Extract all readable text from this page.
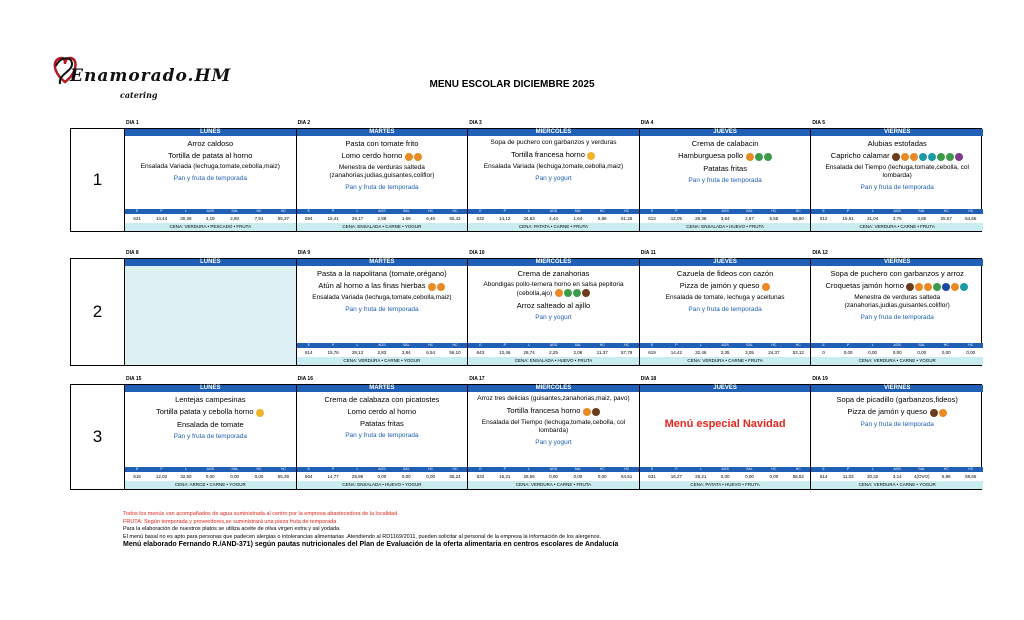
Enamorado.HM
catering
MENU ESCOLAR DICIEMBRE 2025
DIA 1	DIA 2	DIA 3	DIA 4	DIA 5
1
LUNES
Arroz caldoso
Tortilla de patata al horno
Ensalada Variada (lechuga,tomate,cebolla,maiz)
Pan y fruta de temporada
E	P	L	AGS	SAL	HC	HC
621	14,44	30,39	3,19	2,80	7,91	55,37
CENA: VERDURA • PESCADO • FRUTA
MARTES
Pasta con tomate frito
Lomo cerdo horno
Menestra de verduras salteda (zanahorias,judias,guisantes,coliflor)
Pan y fruta de temporada
E	P	L	AGS	SAL	HC	HC
594	15,41	29,17	2,88	1,69	6,46	55,42
CENA: ENSALADA • CARNE • YOGUR
MIERCOLES
Sopa de puchero con garbanzos y verduras
Tortilla francesa horno
Ensalada Variada (lechuga,tomate,cebolla,maiz)
Pan y yogurt
E	P	L	AGS	SAL	HC	HC
632	14,12	34,63	4,44	1,64	6,86	51,25
CENA: PATATA • CARNE • FRUTA
JUEVES
Crema de calabacin
Hamburguesa pollo
Patatas fritas
Pan y fruta de temporada
E	P	L	AGS	SAL	HC	HC
613	12,05	29,36	3,84	2,67	5,55	56,60
CENA: ENSALADA • HUEVO • FRUTA
VIERNES
Alubias estofadas
Capricho calamar
Ensalada del Tiempo (lechuga,tomate,cebolla, col lombarda)
Pan y fruta de temporada
E	P	L	AGS	SAL	HC	HC
612	15,61	31,04	3,75	3,85	25,57	54,65
CENA: VERDURA • CARNE • FRUTA
DIA 8	DIA 9	DIA 10	DIA 11	DIA 12
2
LUNES	MARTES
Pasta a la napolitana (tomate,orégano)
Atún al horno a las finas hierbas
Ensalada Variada (lechuga,tomate,cebolla,maiz)
Pan y fruta de temporada
E	P	L	AGS	SAL	HC	HC
614	15,76	28,13	2,83	3,84	6,54	56,10
CENA: VERDURA • CARNE • YOGUR
MIERCOLES
Crema de zanahorias
Abondigas pollo-ternera horno en salsa pepitoria (cebolla,ajo)
Arroz salteado al ajillo
Pan y yogurt
E	P	L	AGS	SAL	HC	HC
643	12,46	28,74	2,25	2,08	11,37	57,79
CENA: ENSALADA • HUEVO • FRUTA
JUEVES
Cazuela de fideos con cazón
Pizza de jamón y queso
Ensalada de tomate, lechuga y aceitunas
Pan y fruta de temporada
E	P	L	AGS	SAL	HC	HC
619	14,42	32,46	2,35	3,05	24,37	53,12
CENA: VERDURA • CARNE • FRUTA
VIERNES
Sopa de puchero con garbanzos y arroz
Croquetas jamón horno
Menestra de verduras salteda (zanahorias,judias,guisantes,coliflor)
Pan y fruta de temporada
E	P	L	AGS	SAL	HC	HC
0	0,00	0,00	0,00	0,00	0,00	0,00
CENA: VERDURA • CARNE • YOGUR
DIA 15	DIA 16	DIA 17	DIA 18	DIA 19
3
LUNES
Lentejas campesinas
Tortilla patata y cebolla horno
Ensalada de tomate
Pan y fruta de temporada
E	P	L	AGS	SAL	HC	HC
616	12,02	32,50	0,00	0,00	0,00	55,39
CENA: ARROZ • CARNE • YOGUR
MARTES
Crema de calabaza con picatostes
Lomo cerdo al horno
Patatas fritas
Pan y fruta de temporada
E	P	L	AGS	SAL	HC	HC
604	14,77	29,99	0,00	0,00	0,00	55,24
CENA: ENSALADA • HUEVO • YOGUR
MIERCOLES
Arroz tres delicias (guisantes,zanahorias,maiz, pavo)
Tortilla francesa horno
Ensalada del Tiempo (lechuga,tomate,cebolla, col lombarda)
Pan y yogurt
E	P	L	AGS	SAL	HC	HC
633	16,31	28,56	0,00	0,00	0,00	54,51
CENA: VERDURA • CARNE • FRUTA
JUEVES
Menú especial Navidad
E	P	L	AGS	SAL	HC	HC
631	16,27	25,21	0,00	0,00	0,00	58,52
CENA: PATATA • HUEVO • FRUTA
VIERNES
Sopa de picadillo (garbanzos,fideos)
Pizza de jamón y queso
Pan y fruta de temporada
E	P	L	AGS	SAL	HC	HC
614	11,03	30,32	3,14	4(OVO)	6,98	58,65
CENA: VERDURA • CARNE • YOGUR
Todos los menús van acompañados de agua suministrada al centro por la empresa abastecedora de la localidad.
FRUTA: Según temporada y proveedores,se suministrará una pieza fruta de temporada
Para la elaboración de nuestros platos se utiliza aceite de oliva virgen extra y sal yodada.
El menú basal no es apto para personas que padecen alergias o intolerancias alimentarias .Atendiendo al RD1169/2011, pueden solicitar al personal de la empresa la información de los alergenos.
Menú elaborado Fernando R./AND-371) según pautas nutricionales del Plan de Evaluación de la oferta alimentaria en centros escolares de Andalucía
